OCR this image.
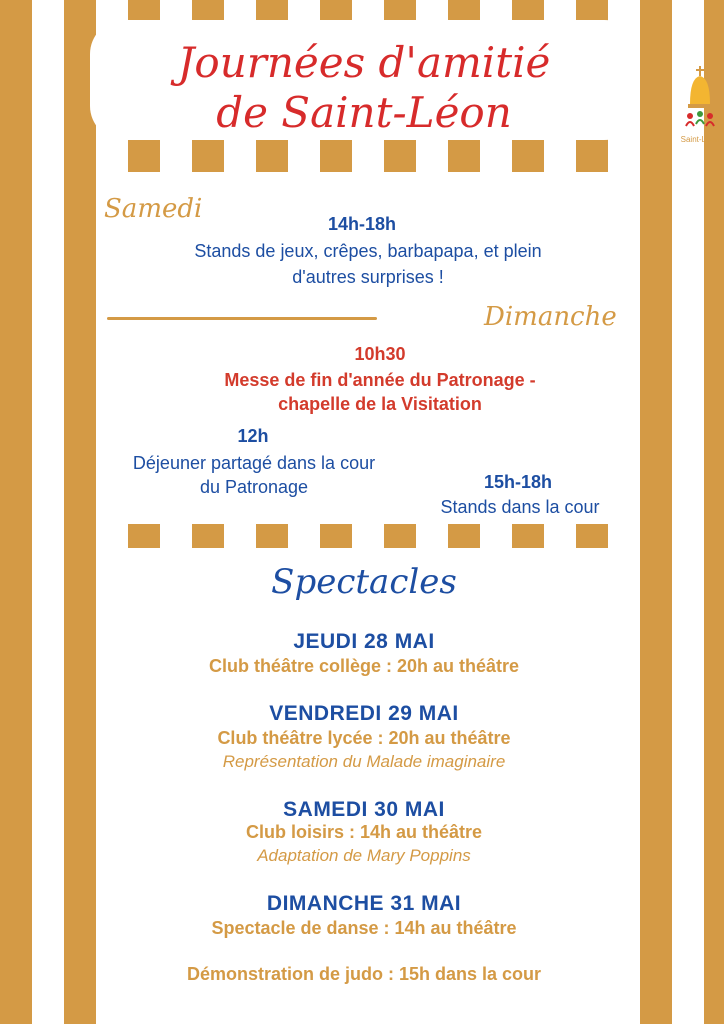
Journées d'amitié
de Saint-Léon
Saint-Léon
Samedi	14h-18h
Stands de jeux, crêpes, barbapapa, et plein
d'autres surprises !
Dimanche
10h30
Messe de fin d'année du Patronage -
chapelle de la Visitation
12h
Déjeuner partagé dans la cour
du Patronage	15h-18h
Stands dans la cour
Spectacles
JEUDI 28 MAI
Club théâtre collège : 20h au théâtre
VENDREDI 29 MAI
Club théâtre lycée : 20h au théâtre
Représentation du Malade imaginaire
SAMEDI 30 MAI
Club loisirs : 14h au théâtre
Adaptation de Mary Poppins
DIMANCHE 31 MAI
Spectacle de danse : 14h au théâtre
Démonstration de judo : 15h dans la cour
